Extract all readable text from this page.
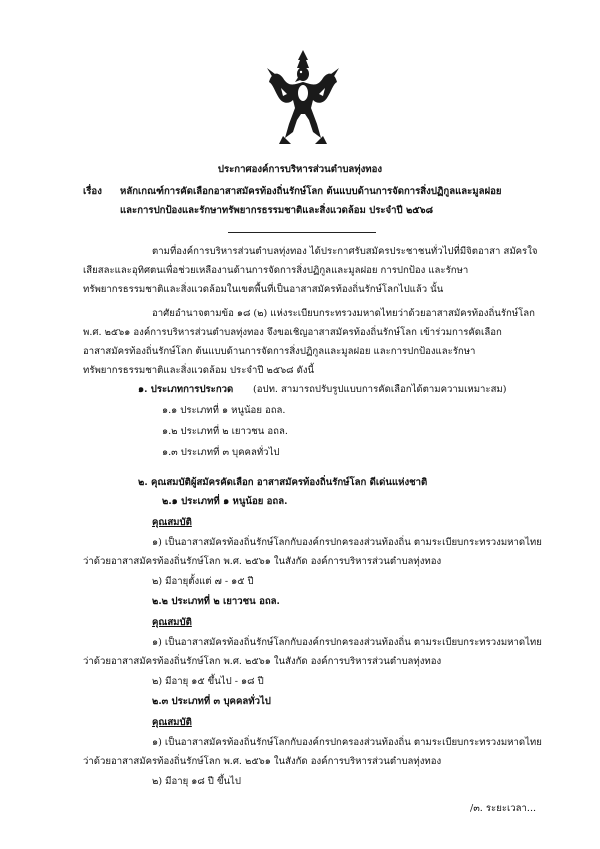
ประกาศองค์การบริหารส่วนตำบลทุ่งทอง
เรื่อง หลักเกณฑ์การคัดเลือกอาสาสมัครท้องถิ่นรักษ์โลก ต้นแบบด้านการจัดการสิ่งปฏิกูลและมูลฝอย
และการปกป้องและรักษาทรัพยากรธรรมชาติและสิ่งแวดล้อม ประจำปี ๒๕๖๘
ตามที่องค์การบริหารส่วนตำบลทุ่งทอง ได้ประกาศรับสมัครประชาชนทั่วไปที่มีจิตอาสา สมัครใจ
เสียสละและอุทิศตนเพื่อช่วยเหลืองานด้านการจัดการสิ่งปฏิกูลและมูลฝอย การปกป้อง และรักษา
ทรัพยากรธรรมชาติและสิ่งแวดล้อมในเขตพื้นที่เป็นอาสาสมัครท้องถิ่นรักษ์โลกไปแล้ว นั้น
อาศัยอำนาจตามข้อ ๑๘ (๒) แห่งระเบียบกระทรวงมหาดไทยว่าด้วยอาสาสมัครท้องถิ่นรักษ์โลก
พ.ศ. ๒๕๖๑ องค์การบริหารส่วนตำบลทุ่งทอง จึงขอเชิญอาสาสมัครท้องถิ่นรักษ์โลก เข้าร่วมการคัดเลือก
อาสาสมัครท้องถิ่นรักษ์โลก ต้นแบบด้านการจัดการสิ่งปฏิกูลและมูลฝอย และการปกป้องและรักษา
ทรัพยากรธรรมชาติและสิ่งแวดล้อม ประจำปี ๒๕๖๘ ดังนี้
๑. ประเภทการประกวด (อปท. สามารถปรับรูปแบบการคัดเลือกได้ตามความเหมาะสม)
๑.๑ ประเภทที่ ๑ หนูน้อย อถล.
๑.๒ ประเภทที่ ๒ เยาวชน อถล.
๑.๓ ประเภทที่ ๓ บุคคลทั่วไป
๒. คุณสมบัติผู้สมัครคัดเลือก อาสาสมัครท้องถิ่นรักษ์โลก ดีเด่นแห่งชาติ
๒.๑ ประเภทที่ ๑ หนูน้อย อถล.
คุณสมบัติ
๑) เป็นอาสาสมัครท้องถิ่นรักษ์โลกกับองค์กรปกครองส่วนท้องถิ่น ตามระเบียบกระทรวงมหาดไทย
ว่าด้วยอาสาสมัครท้องถิ่นรักษ์โลก พ.ศ. ๒๕๖๑ ในสังกัด องค์การบริหารส่วนตำบลทุ่งทอง
๒) มีอายุตั้งแต่ ๗ - ๑๕ ปี
๒.๒ ประเภทที่ ๒ เยาวชน อถล.
คุณสมบัติ
๑) เป็นอาสาสมัครท้องถิ่นรักษ์โลกกับองค์กรปกครองส่วนท้องถิ่น ตามระเบียบกระทรวงมหาดไทย
ว่าด้วยอาสาสมัครท้องถิ่นรักษ์โลก พ.ศ. ๒๕๖๑ ในสังกัด องค์การบริหารส่วนตำบลทุ่งทอง
๒) มีอายุ ๑๕ ขึ้นไป - ๑๘ ปี
๒.๓ ประเภทที่ ๓ บุคคลทั่วไป
คุณสมบัติ
๑) เป็นอาสาสมัครท้องถิ่นรักษ์โลกกับองค์กรปกครองส่วนท้องถิ่น ตามระเบียบกระทรวงมหาดไทย
ว่าด้วยอาสาสมัครท้องถิ่นรักษ์โลก พ.ศ. ๒๕๖๑ ในสังกัด องค์การบริหารส่วนตำบลทุ่งทอง
๒) มีอายุ ๑๘ ปี ขึ้นไป
/๓. ระยะเวลา...
